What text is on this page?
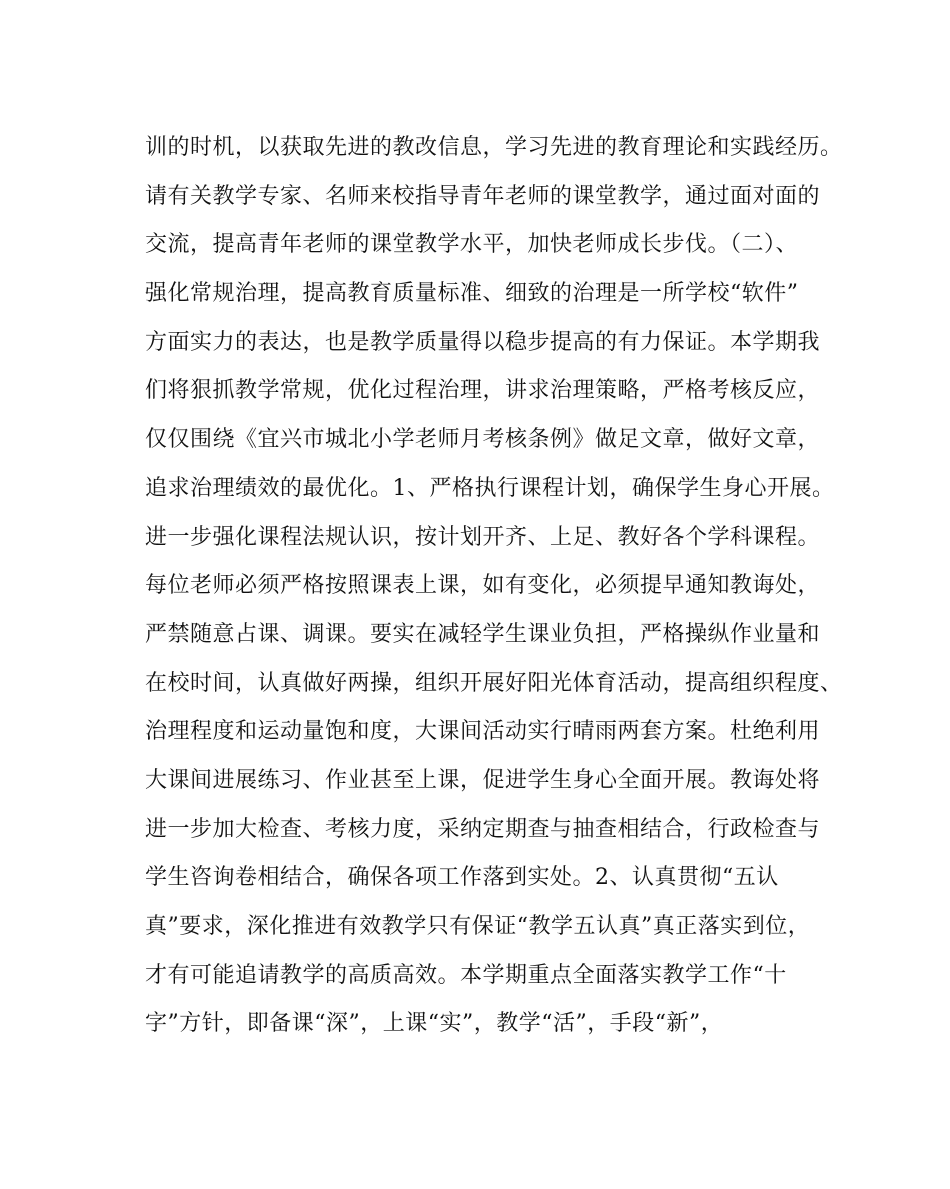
训的时机，以获取先进的教改信息，学习先进的教育理论和实践经历。
请有关教学专家、名师来校指导青年老师的课堂教学，通过面对面的
交流，提高青年老师的课堂教学水平，加快老师成长步伐。（二）、
强化常规治理，提高教育质量标准、细致的治理是一所学校“软件”
方面实力的表达，也是教学质量得以稳步提高的有力保证。本学期我
们将狠抓教学常规，优化过程治理，讲求治理策略，严格考核反应，
仅仅围绕《宜兴市城北小学老师月考核条例》做足文章，做好文章，
追求治理绩效的最优化。1、严格执行课程计划，确保学生身心开展。
进一步强化课程法规认识，按计划开齐、上足、教好各个学科课程。
每位老师必须严格按照课表上课，如有变化，必须提早通知教诲处，
严禁随意占课、调课。要实在减轻学生课业负担，严格操纵作业量和
在校时间，认真做好两操，组织开展好阳光体育活动，提高组织程度、
治理程度和运动量饱和度，大课间活动实行晴雨两套方案。杜绝利用
大课间进展练习、作业甚至上课，促进学生身心全面开展。教诲处将
进一步加大检查、考核力度，采纳定期查与抽查相结合，行政检查与
学生咨询卷相结合，确保各项工作落到实处。2、认真贯彻“五认
真”要求，深化推进有效教学只有保证“教学五认真”真正落实到位，
才有可能追请教学的高质高效。本学期重点全面落实教学工作“十
字”方针，即备课“深”，上课“实”，教学“活”，手段“新”，
